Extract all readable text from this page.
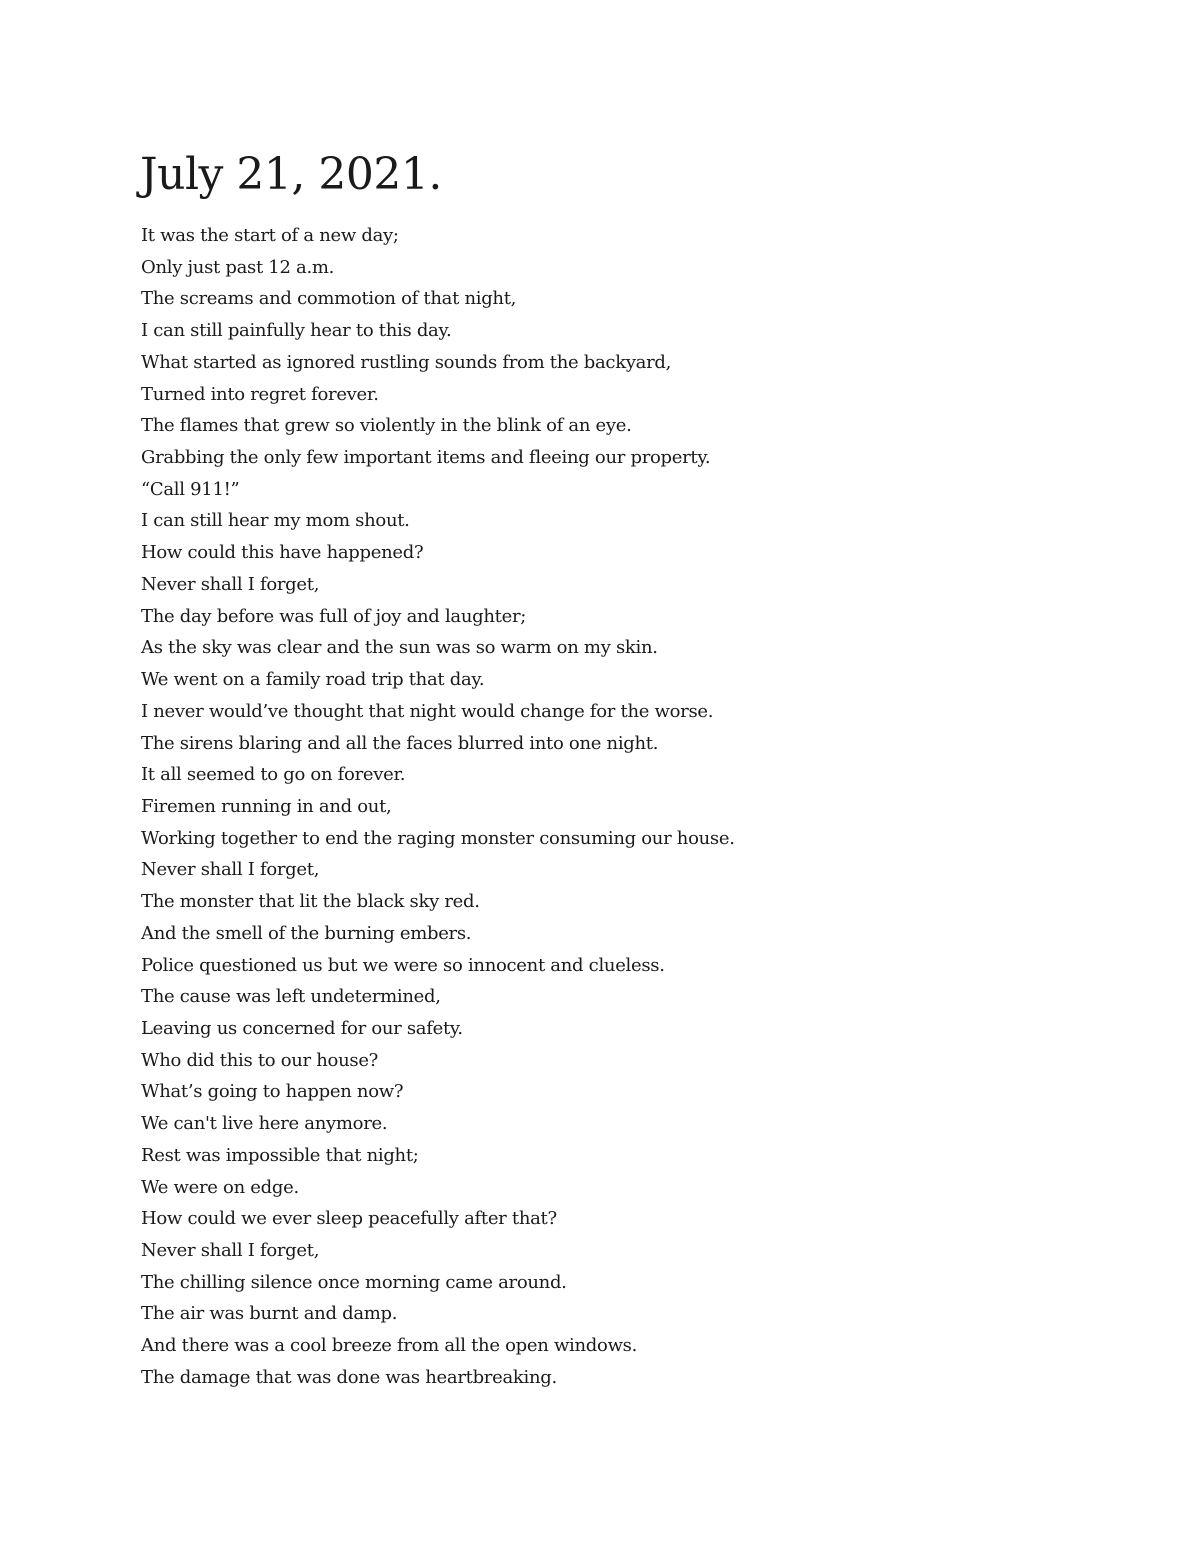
July 21, 2021.
It was the start of a new day;
Only just past 12 a.m.
The screams and commotion of that night,
I can still painfully hear to this day.
What started as ignored rustling sounds from the backyard,
Turned into regret forever.
The flames that grew so violently in the blink of an eye.
Grabbing the only few important items and fleeing our property.
“Call 911!”
I can still hear my mom shout.
How could this have happened?
Never shall I forget,
The day before was full of joy and laughter;
As the sky was clear and the sun was so warm on my skin.
We went on a family road trip that day.
I never would’ve thought that night would change for the worse.
The sirens blaring and all the faces blurred into one night.
It all seemed to go on forever.
Firemen running in and out,
Working together to end the raging monster consuming our house.
Never shall I forget,
The monster that lit the black sky red.
And the smell of the burning embers.
Police questioned us but we were so innocent and clueless.
The cause was left undetermined,
Leaving us concerned for our safety.
Who did this to our house?
What’s going to happen now?
We can't live here anymore.
Rest was impossible that night;
We were on edge.
How could we ever sleep peacefully after that?
Never shall I forget,
The chilling silence once morning came around.
The air was burnt and damp.
And there was a cool breeze from all the open windows.
The damage that was done was heartbreaking.
